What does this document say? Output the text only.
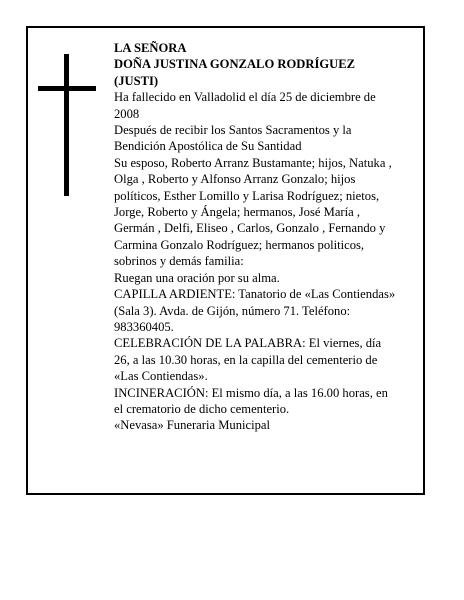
LA SEÑORA
DOÑA JUSTINA GONZALO RODRÍGUEZ
(JUSTI)
Ha fallecido en Valladolid el día 25 de diciembre de
2008
Después de recibir los Santos Sacramentos y la
Bendición Apostólica de Su Santidad
Su esposo, Roberto Arranz Bustamante; hijos, Natuka ,
Olga , Roberto y Alfonso Arranz Gonzalo; hijos
políticos, Esther Lomillo y Larisa Rodríguez; nietos,
Jorge, Roberto y Ángela; hermanos, José María ,
Germán , Delfi, Eliseo , Carlos, Gonzalo , Fernando y
Carmina Gonzalo Rodríguez; hermanos politicos,
sobrinos y demás familia:
Ruegan una oración por su alma.
CAPILLA ARDIENTE: Tanatorio de «Las Contiendas»
(Sala 3). Avda. de Gijón, número 71. Teléfono:
983360405.
CELEBRACIÓN DE LA PALABRA: El viernes, día
26, a las 10.30 horas, en la capilla del cementerio de
«Las Contiendas».
INCINERACIÓN: El mismo día, a las 16.00 horas, en
el crematorio de dicho cementerio.
«Nevasa» Funeraria Municipal
